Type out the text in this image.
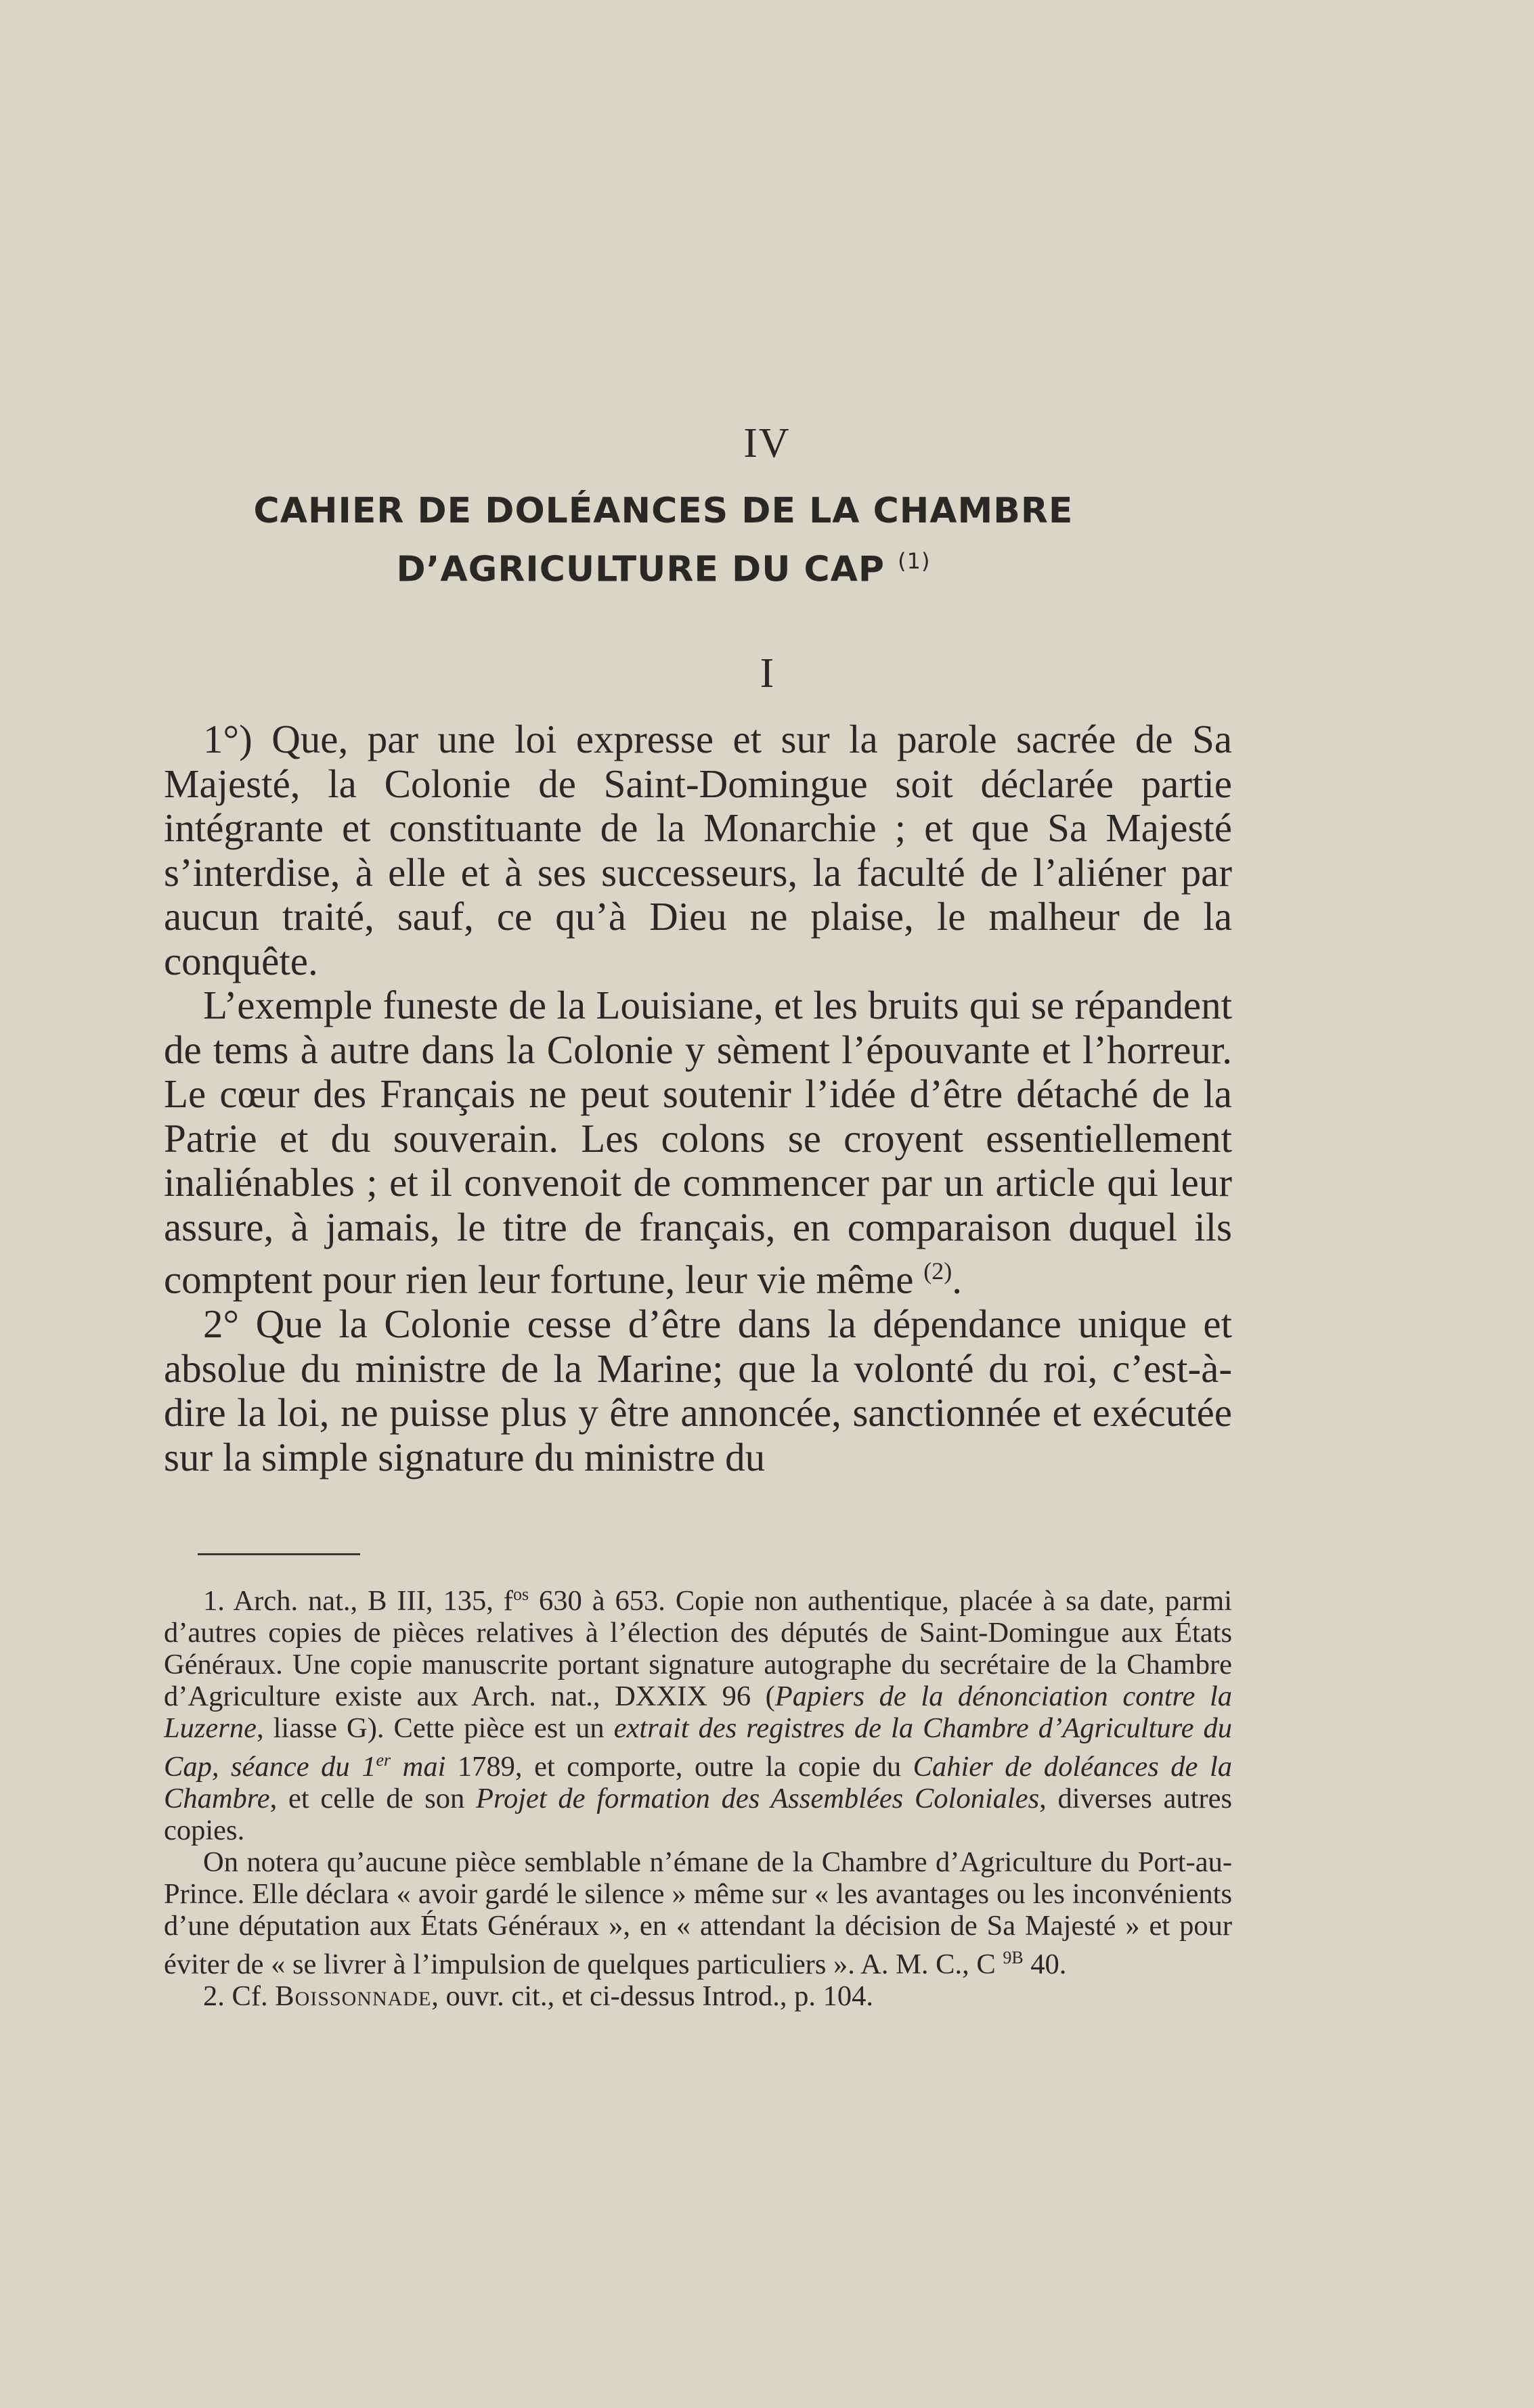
IV
CAHIER DE DOLÉANCES DE LA CHAMBRE
D’AGRICULTURE DU CAP $^{(1)}$
I

1°) Que, par une loi expresse et sur la parole sacrée de Sa Majesté, la Colonie de Saint-Domingue soit déclarée partie intégrante et constituante de la Monarchie ; et que Sa Majesté s’interdise, à elle et à ses successeurs, la faculté de l’aliéner par aucun traité, sauf, ce qu’à Dieu ne plaise, le malheur de la conquête.

L’exemple funeste de la Louisiane, et les bruits qui se répandent de tems à autre dans la Colonie y sèment l’épouvante et l’horreur. Le cœur des Français ne peut soutenir l’idée d’être détaché de la Patrie et du souverain. Les colons se croyent essentiellement inaliénables ; et il convenoit de commencer par un article qui leur assure, à jamais, le titre de français, en comparaison duquel ils comptent pour rien leur fortune, leur vie même $^{(2)}$.

2° Que la Colonie cesse d’être dans la dépendance unique et absolue du ministre de la Marine; que la volonté du roi, c’est-à-dire la loi, ne puisse plus y être annoncée, sanctionnée et exécutée sur la simple signature du ministre du

1. Arch. nat., B III, 135, $f^{os}$ 630 à 653. Copie non authentique, placée à sa date, parmi d’autres copies de pièces relatives à l’élection des députés de Saint-Domingue aux États Généraux. Une copie manuscrite portant signature autographe du secrétaire de la Chambre d’Agriculture existe aux Arch. nat., DXXIX 96 (Papiers de la dénonciation contre la Luzerne, liasse G). Cette pièce est un extrait des registres de la Chambre d’Agriculture du Cap, séance du 1er mai 1789, et comporte, outre la copie du Cahier de doléances de la Chambre, et celle de son Projet de formation des Assemblées Coloniales, diverses autres copies.

On notera qu’aucune pièce semblable n’émane de la Chambre d’Agriculture du Port-au-Prince. Elle déclara « avoir gardé le silence » même sur « les avantages ou les inconvénients d’une députation aux États Généraux », en « attendant la décision de Sa Majesté » et pour éviter de « se livrer à l’impulsion de quelques particuliers ». A. M. C., C $^{9B}$ 40.

2. Cf. Boissonnade, ouvr. cit., et ci-dessus Introd., p. 104.
